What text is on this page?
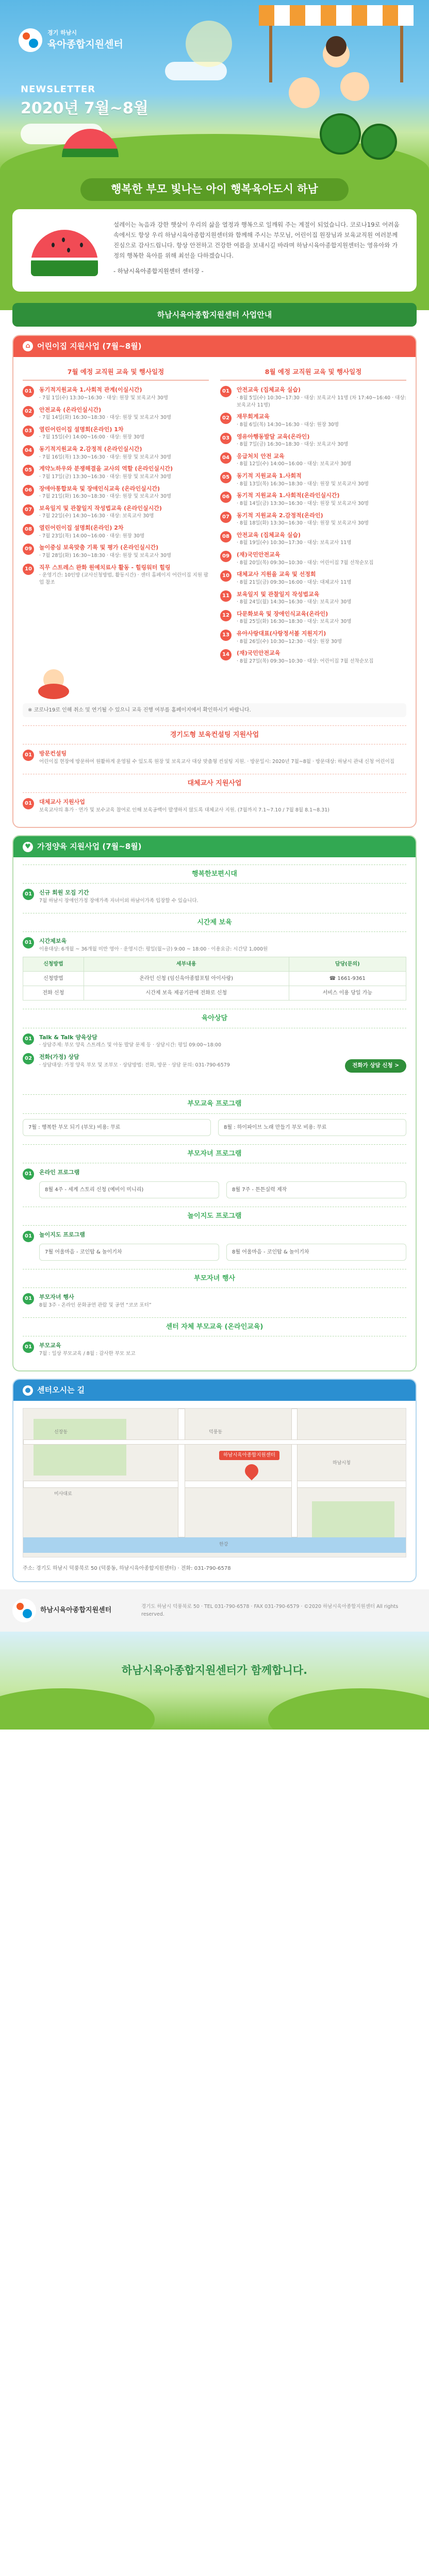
경기 하남시
육아종합지원센터
NEWSLETTER
2020년 7월~8월
행복한 부모 빛나는 아이 행복육아도시 하남

설레이는 녹음과 강한 햇살이 우리의 삶을 열정과 행복으로 일깨워 주는 계절이 되었습니다. 코로나19로 어려움 속에서도 항상 우리 하남시육아종합지원센터와 함께해 주시는 부모님, 어린이집 원장님과 보육교직원 여러분께 진심으로 감사드립니다. 항상 안전하고 건강한 여름을 보내시길 바라며 하남시육아종합지원센터는 영유아와 가정의 행복한 육아를 위해 최선을 다하겠습니다.

- 하남시육아종합지원센터 센터장 -

하남시육아종합지원센터 사업안내
⌂ 어린이집 지원사업 (7월~8월)
7월 예정 교직원 교육 및 행사일정
01	동기적지원교육 1.사회적 관계(이실시간)
· 7월 1일(수) 13:30~16:30 · 대상: 원장 및 보육교사 30명
02	안전교육 (온라인실시간)
· 7월 14일(화) 16:30~18:30 · 대상: 원장 및 보육교사 30명
03	열린어린이집 설명회(온라인) 1차
· 7월 15일(수) 14:00~16:00 · 대상: 원장 30명
04	동기적지원교육 2.감정적 (온라인실시간)
· 7월 16일(목) 13:30~16:30 · 대상: 원장 및 보육교사 30명
05	계약노하우와 분쟁해결을 교사의 역할 (온라인실시간)
· 7월 17일(금) 13:30~16:30 · 대상: 원장 및 보육교사 30명
06	장애아통합보육 및 장애인식교육 (온라인실시간)
· 7월 21일(화) 16:30~18:30 · 대상: 원장 및 보육교사 30명
07	보육일지 및 관찰일지 작성법교육 (온라인실시간)
· 7월 22일(수) 14:30~16:30 · 대상: 보육교사 30명
08	열린어린이집 설명회(온라인) 2차
· 7월 23일(목) 14:00~16:00 · 대상: 원장 30명
09	놀이중심 보육맞춤 기록 및 평가 (온라인실시간)
· 7월 28일(화) 16:30~18:30 · 대상: 원장 및 보육교사 30명
10	직무 스트레스 완화 원예치료사 활동 - 힐링워터 힐링
· 운영기간: 10인방 (교사신청방법, 활동시간) · 센터 홈페이지 어린이집 지원 팝업 참조
8월 예정 교직원 교육 및 행사일정
01	안전교육 (집체교육 실습)
· 8월 5일(수) 10:30~17:30 · 대상: 보육교사 11명 (차 17:40~16:40 · 대상: 보육교사 11명)
02	재무회계교육
· 8월 6일(목) 14:30~16:30 · 대상: 원장 30명
03	영유아행동발달 교육(온라인)
· 8월 7일(금) 16:30~18:30 · 대상: 보육교사 30명
04	응급처치 안전 교육
· 8월 12일(수) 14:00~16:00 · 대상: 보육교사 30명
05	동기적 지원교육 1.사회적
· 8월 13일(목) 16:30~18:30 · 대상: 원장 및 보육교사 30명
06	동기적 지원교육 1.사회적(온라인실시간)
· 8월 14일(금) 13:30~16:30 · 대상: 원장 및 보육교사 30명
07	동기적 지원교육 2.감정적(온라인)
· 8월 18일(화) 13:30~16:30 · 대상: 원장 및 보육교사 30명
08	안전교육 (집체교육 실습)
· 8월 19일(수) 10:30~17:30 · 대상: 보육교사 11명
09	(재)국민안전교육
· 8월 20일(목) 09:30~10:30 · 대상: 어린이집 7월 선착순모집
10	대체교사 지원을 교육 및 선정회
· 8월 21일(금) 09:30~16:00 · 대상: 대체교사 11명
11	보육일지 및 관찰일지 작성법교육
· 8월 24일(월) 14:30~16:30 · 대상: 보육교사 30명
12	다문화보육 및 장애인식교육(온라인)
· 8월 25일(화) 16:30~18:30 · 대상: 보육교사 30명
13	유아사랑대표(사랑정서볼 지원지기)
· 8월 26일(수) 10:30~12:30 · 대상: 원장 30명
14	(재)국민안전교육
· 8월 27일(목) 09:30~10:30 · 대상: 어린이집 7월 선착순모집
※ 코로나19로 인해 취소 및 연기될 수 있으니 교육 진행 여부를 홈페이지에서 확인하시기 바랍니다.
경기도형 보육컨설팅 지원사업
01	방문컨설팅
어린이집 현장에 방문하여 원활하게 운영될 수 있도록 원장 및 보육교사 대상 맞춤형 컨설팅 지원. · 방문일시: 2020년 7월~8월 · 방문대상: 하남시 관내 신청 어린이집
대체교사 지원사업
01	대체교사 지원사업
보육교사의 휴가 · 연가 및 보수교육 참여로 인해 보육공백이 발생하지 않도록 대체교사 지원. (7월까지 7.1~7.10 / 7월 8월 8.1~8.31)
♥ 가정양육 지원사업 (7월~8월)
행복한보편시대
01	신규 회원 모집 기간
7월 하남시 장애인가정 장애가족 자녀이외 하남이가족 입장할 수 있습니다.
시간제 보육
01	시간제보육
이용대상: 6개월 ~ 36개월 미만 영아 · 운영시간: 평일(월~금) 9:00 ~ 18:00 · 이용요금: 시간당 1,000원
신청방법	세부내용	담당(문의)
신청방법	온라인 신청 (임신육아종합포털 아이사랑)	☎ 1661-9361
전화 신청	시간제 보육 제공기관에 전화로 신청	서비스 이용 당일 가능
육아상담
01	Talk & Talk 양육상담
· 상담주제: 부모 양육 스트레스 및 아동 발달 문제 등 · 상담시간: 평일 09:00~18:00
02	전화(가정) 상담
· 상담대상: 가정 양육 부모 및 조부모 · 상담방법: 전화, 방문 · 상담 문의: 031-790-6579	전화가 상담 신청 >
부모교육 프로그램
7월 : 행복한 부모 되기 (부모) 비용: 무료	8월 : 하이파이브 노래 만들기 부모 비용: 무료
부모자녀 프로그램
01	온라인 프로그램
8월 4주 - 세계 스토리 신청 (예비이 미니리)	8월 7주 - 튼튼실력 제작
놀이지도 프로그램
01	놀이지도 프로그램
7월 어울마음 - 코인탑 & 놀이기차	8월 어울마음 - 코인탑 & 놀이기차
부모자녀 행사
01	부모자녀 행사
8월 3주 - 온라인 문화공연 관람 및 공연 “코코 포터”
센터 자체 부모교육 (온라인교육)
01	부모교육
7월 : 일상 부모교육 / 8월 : 감사한 부모 보고
● 센터오시는 길
신장동	덕풍동
하남시청
미사대로
한강
하남시육아종합지원센터
주소: 경기도 하남시 덕풍북로 50 (덕풍동, 하남시육아종합지원센터) · 전화: 031-790-6578
하남시육아종합지원센터	경기도 하남시 덕풍북로 50 · TEL 031-790-6578 · FAX 031-790-6579 · ©2020 하남시육아종합지원센터 All rights reserved.
하남시육아종합지원센터가 함께합니다.
